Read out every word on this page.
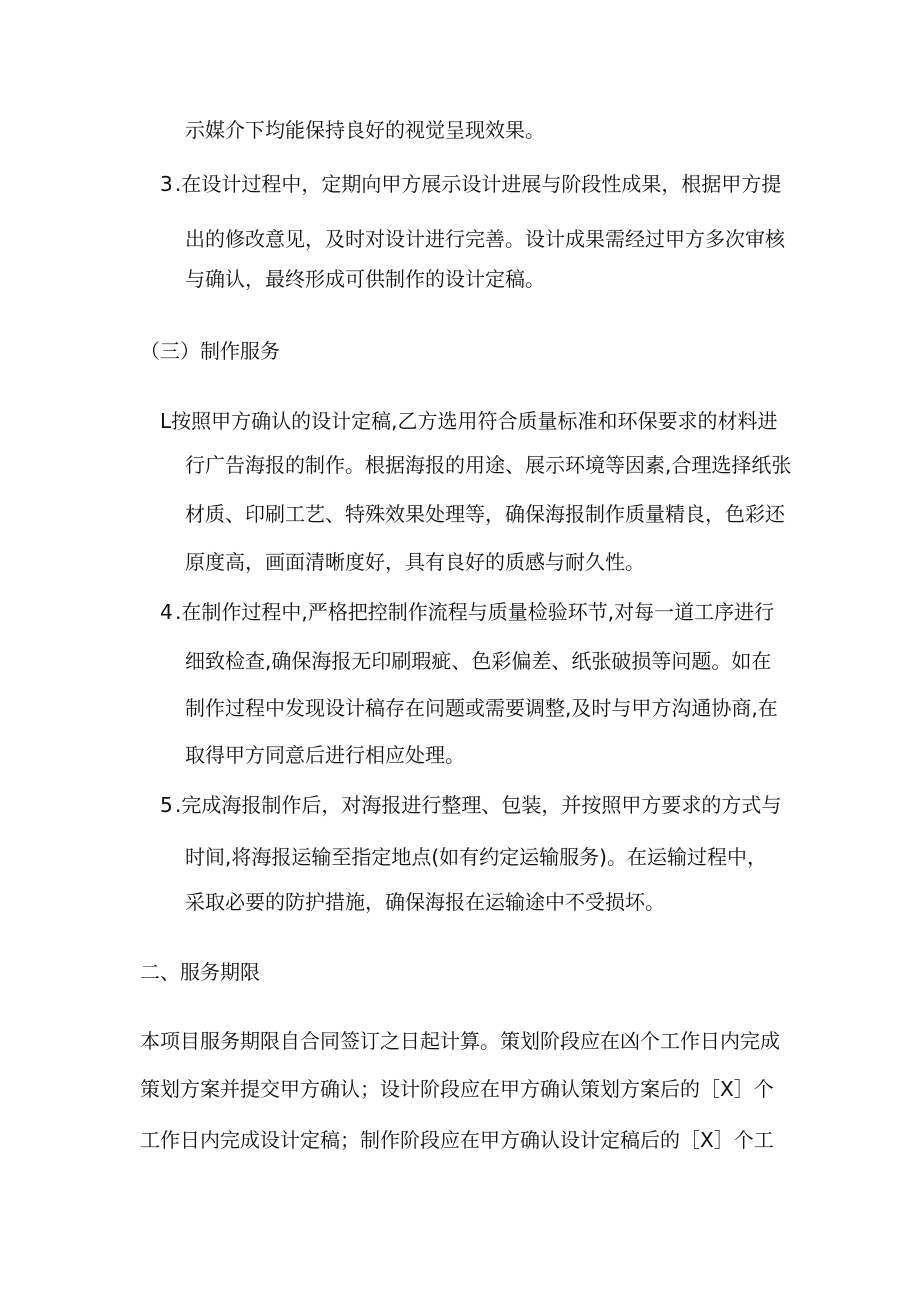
示媒介下均能保持良好的视觉呈现效果。
3 .在设计过程中，定期向甲方展示设计进展与阶段性成果，根据甲方提
出的修改意见，及时对设计进行完善。设计成果需经过甲方多次审核
与确认，最终形成可供制作的设计定稿。
（三）制作服务
L按照甲方确认的设计定稿,乙方选用符合质量标准和环保要求的材料进
行广告海报的制作。根据海报的用途、展示环境等因素,合理选择纸张
材质、印刷工艺、特殊效果处理等，确保海报制作质量精良，色彩还
原度高，画面清晰度好，具有良好的质感与耐久性。
4 .在制作过程中,严格把控制作流程与质量检验环节,对每一道工序进行
细致检查,确保海报无印刷瑕疵、色彩偏差、纸张破损等问题。如在
制作过程中发现设计稿存在问题或需要调整,及时与甲方沟通协商,在
取得甲方同意后进行相应处理。
5 .完成海报制作后，对海报进行整理、包装，并按照甲方要求的方式与
时间,将海报运输至指定地点(如有约定运输服务)。在运输过程中，
采取必要的防护措施，确保海报在运输途中不受损坏。
二、服务期限
本项目服务期限自合同签订之日起计算。策划阶段应在凶个工作日内完成
策划方案并提交甲方确认；设计阶段应在甲方确认策划方案后的［X］个
工作日内完成设计定稿；制作阶段应在甲方确认设计定稿后的［X］个工
